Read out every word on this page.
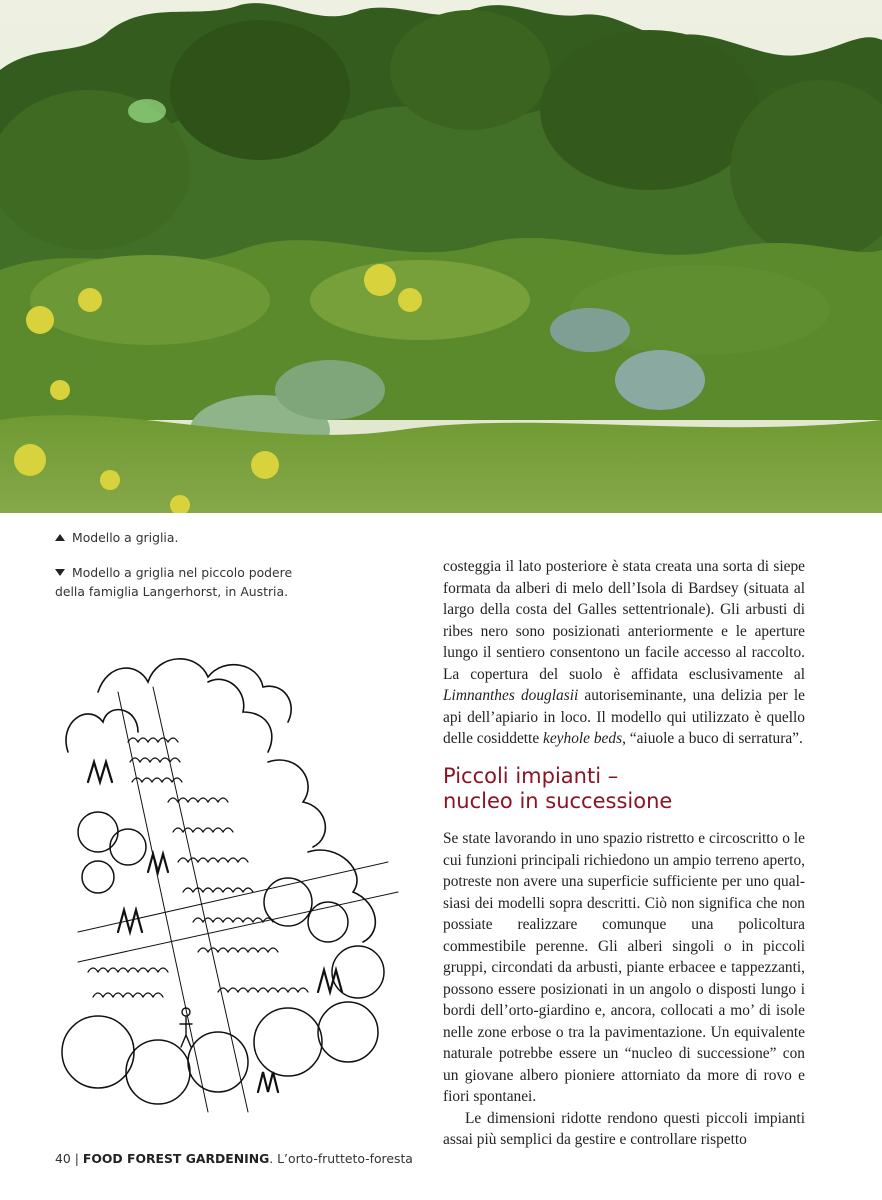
Modello a griglia.
Modello a griglia nel piccolo podere della famiglia Langerhorst, in Austria.

costeggia il lato posteriore è stata creata una sorta di siepe formata da alberi di melo dell’Isola di Bardsey (situata al largo della costa del Galles settentrionale). Gli arbusti di ribes nero sono posizionati anteriormente e le aperture lungo il sentiero consentono un facile accesso al raccolto. La copertura del suolo è affidata esclusivamente al Limnanthes douglasii autoriseminante, una delizia per le api dell’apiario in loco. Il modello qui utilizzato è quello delle cosiddette keyhole beds, “aiuole a buco di serratura”.

Piccoli impianti –
nucleo in successione

Se state lavorando in uno spazio ristretto e circoscritto o le cui funzioni principali richiedono un ampio terreno aperto, potreste non avere una superficie sufficiente per uno qualsiasi dei modelli sopra descritti. Ciò non significa che non possiate realizzare comunque una policoltura commestibile perenne. Gli alberi singoli o in piccoli gruppi, circondati da arbusti, piante erbacee e tappezzanti, possono essere posizionati in un angolo o disposti lungo i bordi dell’orto-giardino e, ancora, collocati a mo’ di isole nelle zone erbose o tra la pavimentazione. Un equivalente naturale potrebbe essere un “nucleo di successione” con un giovane albero pioniere attorniato da more di rovo e fiori spontanei.

Le dimensioni ridotte rendono questi piccoli impianti assai più semplici da gestire e controllare rispetto

40 | FOOD FOREST GARDENING. L’orto-frutteto-foresta
